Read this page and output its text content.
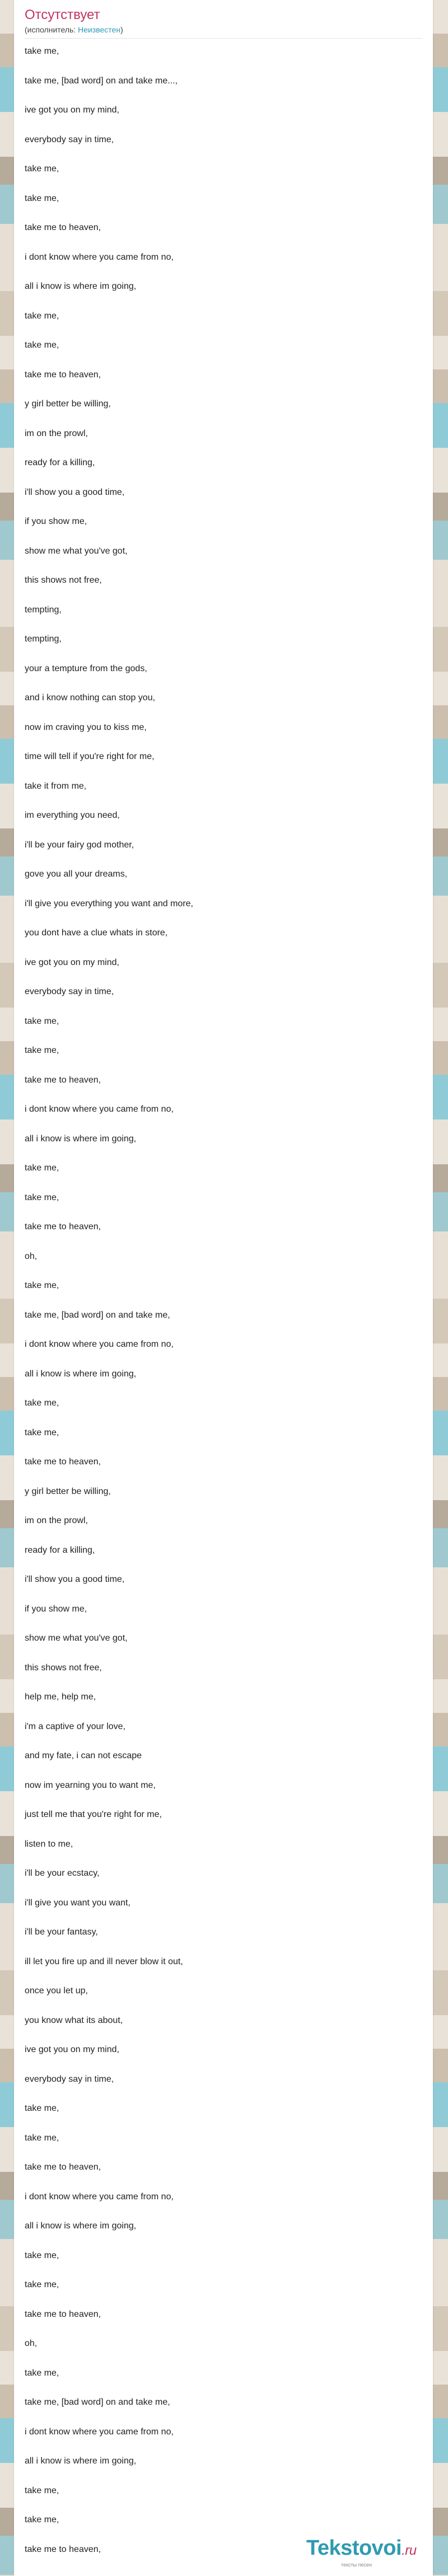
Отсутствует
(исполнитель: Неизвестен)
take me,
take me, [bad word] on and take me...,
ive got you on my mind,
everybody say in time,
take me,
take me,
take me to heaven,
i dont know where you came from no,
all i know is where im going,
take me,
take me,
take me to heaven,
y girl better be willing,
im on the prowl,
ready for a killing,
i'll show you a good time,
if you show me,
show me what you've got,
this shows not free,
tempting,
tempting,
your a tempture from the gods,
and i know nothing can stop you,
now im craving you to kiss me,
time will tell if you're right for me,
take it from me,
im everything you need,
i'll be your fairy god mother,
gove you all your dreams,
i'll give you everything you want and more,
you dont have a clue whats in store,
ive got you on my mind,
everybody say in time,
take me,
take me,
take me to heaven,
i dont know where you came from no,
all i know is where im going,
take me,
take me,
take me to heaven,
oh,
take me,
take me, [bad word] on and take me,
i dont know where you came from no,
all i know is where im going,
take me,
take me,
take me to heaven,
y girl better be willing,
im on the prowl,
ready for a killing,
i'll show you a good time,
if you show me,
show me what you've got,
this shows not free,
help me, help me,
i'm a captive of your love,
and my fate, i can not escape
now im yearning you to want me,
just tell me that you're right for me,
listen to me,
i'll be your ecstacy,
i'll give you want you want,
i'll be your fantasy,
ill let you fire up and ill never blow it out,
once you let up,
you know what its about,
ive got you on my mind,
everybody say in time,
take me,
take me,
take me to heaven,
i dont know where you came from no,
all i know is where im going,
take me,
take me,
take me to heaven,
oh,
take me,
take me, [bad word] on and take me,
i dont know where you came from no,
all i know is where im going,
take me,
take me,
take me to heaven,	Tekstovoi.ru
тексты песен
